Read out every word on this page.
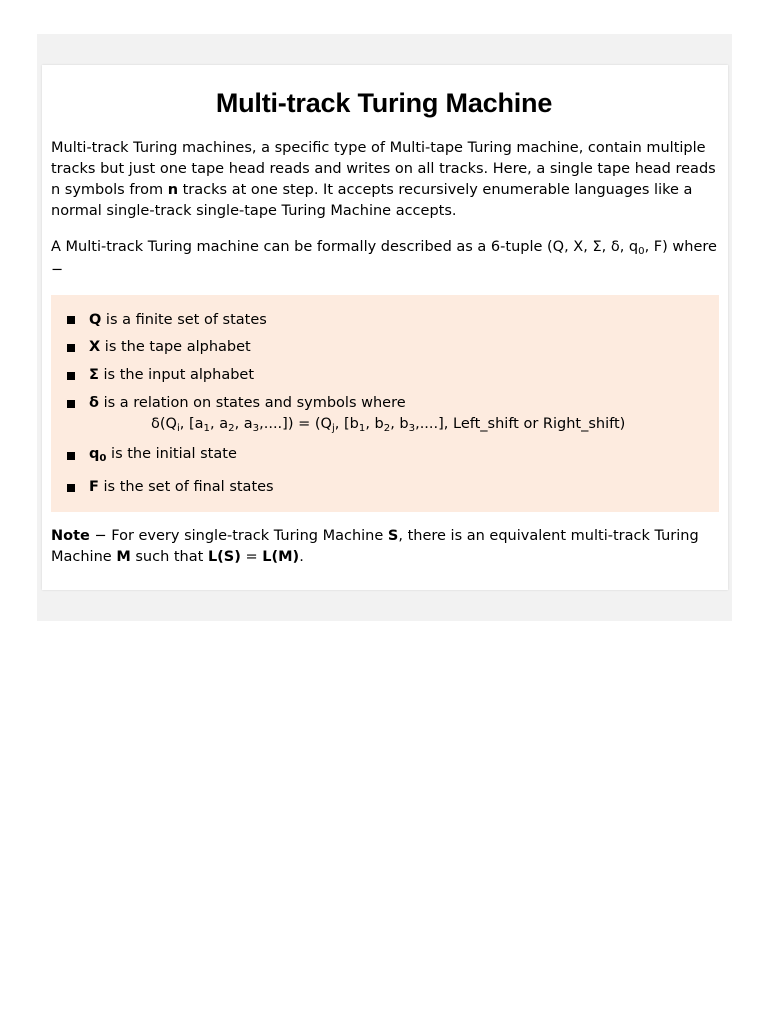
Multi-track Turing Machine

Multi-track Turing machines, a specific type of Multi-tape Turing machine, contain multiple tracks but just one tape head reads and writes on all tracks. Here, a single tape head reads n symbols from n tracks at one step. It accepts recursively enumerable languages like a normal single-track single-tape Turing Machine accepts.

A Multi-track Turing machine can be formally described as a 6-tuple (Q, X, Σ, δ, $q_0$, F) where −

Q is a finite set of states
X is the tape alphabet
Σ is the input alphabet
δ is a relation on states and symbols where
$\delta(Q_i$, [$a_1$, $a_2$, $a_3,....]) = (Q_j$, [$b_1$, $b_2$, $b_3$,....], Left_shift or Right_shift)
$q_0$ is the initial state
F is the set of final states

Note − For every single-track Turing Machine S, there is an equivalent multi-track Turing Machine M such that L(S) = L(M).
